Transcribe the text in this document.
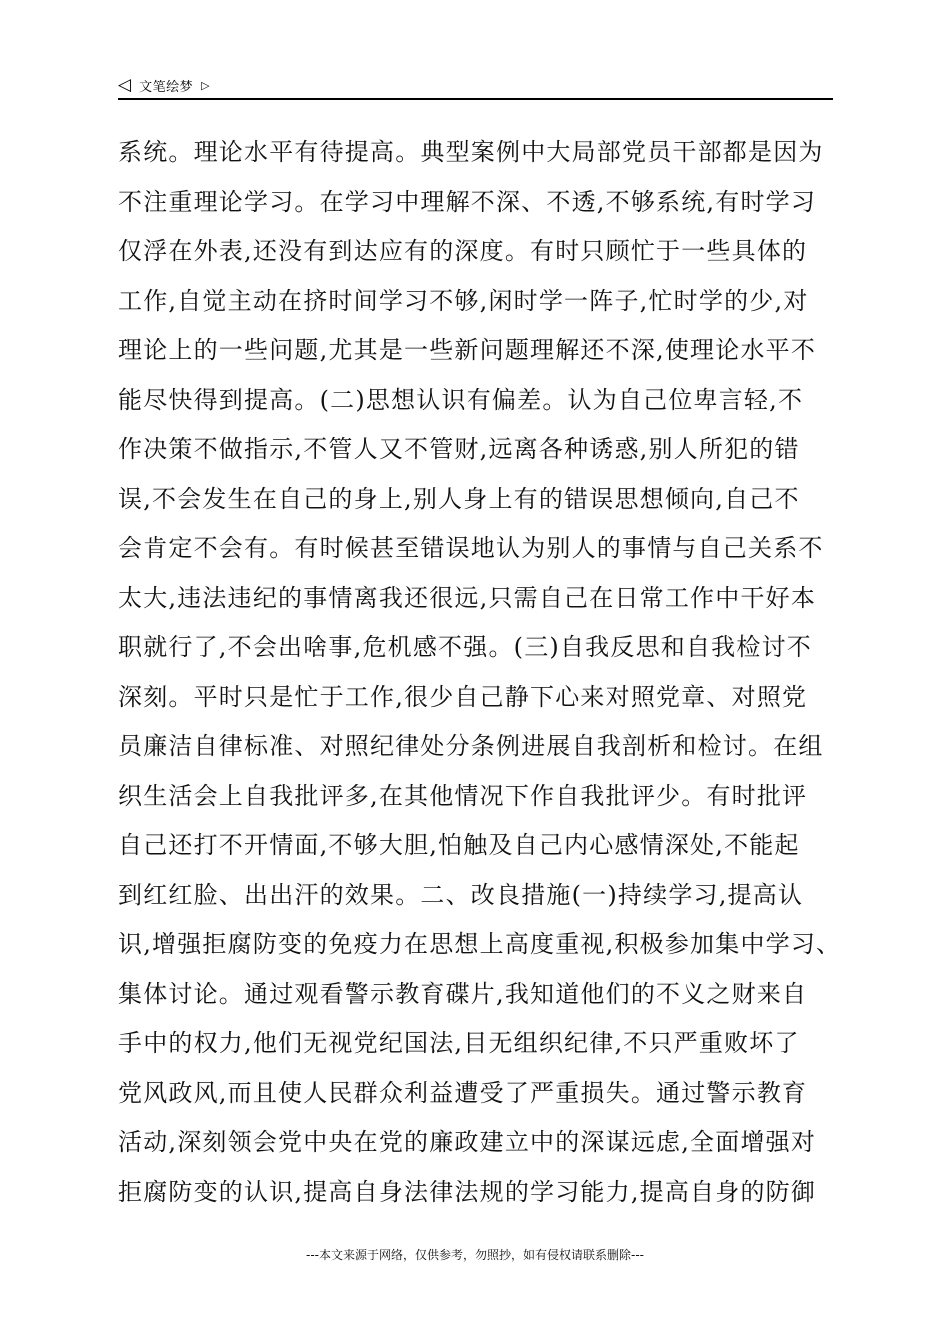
◁ 文笔绘梦 ▷
系统。理论水平有待提高。典型案例中大局部党员干部都是因为
不注重理论学习。在学习中理解不深、不透,不够系统,有时学习
仅浮在外表,还没有到达应有的深度。有时只顾忙于一些具体的
工作,自觉主动在挤时间学习不够,闲时学一阵子,忙时学的少,对
理论上的一些问题,尤其是一些新问题理解还不深,使理论水平不
能尽快得到提高。(二)思想认识有偏差。认为自己位卑言轻,不
作决策不做指示,不管人又不管财,远离各种诱惑,别人所犯的错
误,不会发生在自己的身上,别人身上有的错误思想倾向,自己不
会肯定不会有。有时候甚至错误地认为别人的事情与自己关系不
太大,违法违纪的事情离我还很远,只需自己在日常工作中干好本
职就行了,不会出啥事,危机感不强。(三)自我反思和自我检讨不
深刻。平时只是忙于工作,很少自己静下心来对照党章、对照党
员廉洁自律标准、对照纪律处分条例进展自我剖析和检讨。在组
织生活会上自我批评多,在其他情况下作自我批评少。有时批评
自己还打不开情面,不够大胆,怕触及自己内心感情深处,不能起
到红红脸、出出汗的效果。二、改良措施(一)持续学习,提高认
识,增强拒腐防变的免疫力在思想上高度重视,积极参加集中学习、
集体讨论。通过观看警示教育碟片,我知道他们的不义之财来自
手中的权力,他们无视党纪国法,目无组织纪律,不只严重败坏了
党风政风,而且使人民群众利益遭受了严重损失。通过警示教育
活动,深刻领会党中央在党的廉政建立中的深谋远虑,全面增强对
拒腐防变的认识,提高自身法律法规的学习能力,提高自身的防御
---本文来源于网络，仅供参考，勿照抄，如有侵权请联系删除---
